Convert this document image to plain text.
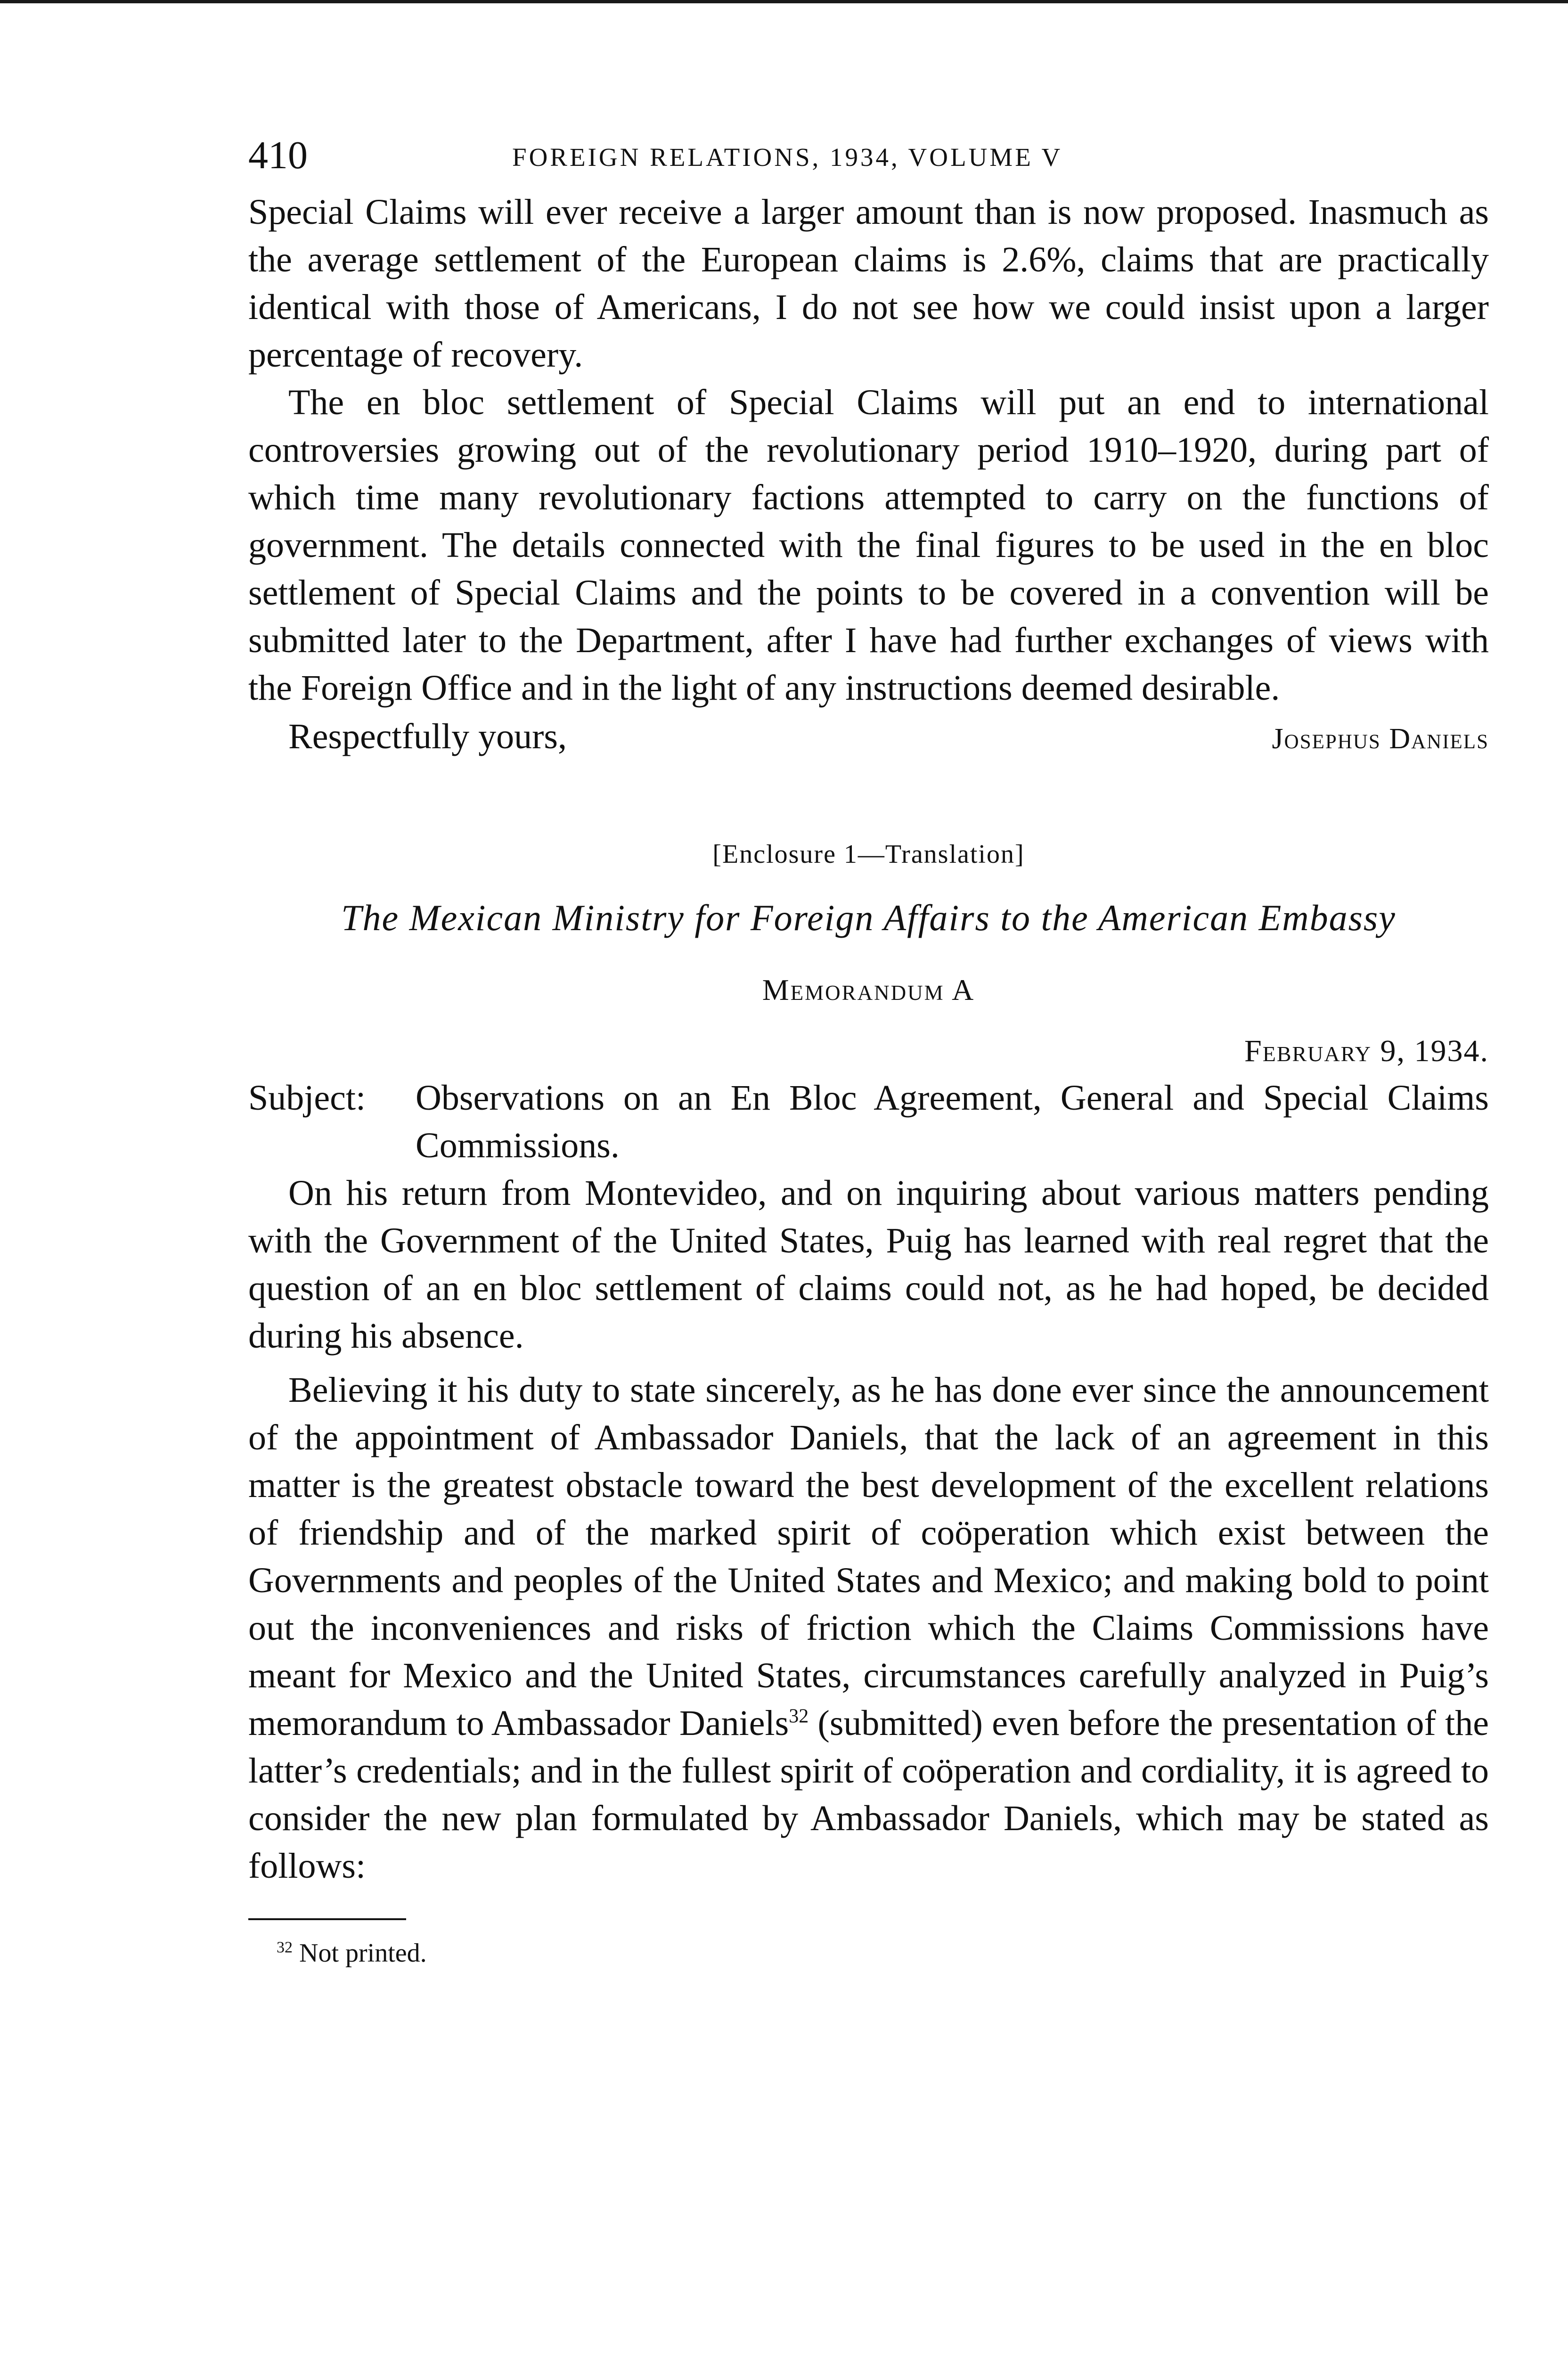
410	FOREIGN RELATIONS, 1934, VOLUME V

Special Claims will ever receive a larger amount than is now proposed. Inasmuch as the average settlement of the European claims is 2.6%, claims that are practically identical with those of Americans, I do not see how we could insist upon a larger percentage of recovery.

The en bloc settlement of Special Claims will put an end to international controversies growing out of the revolutionary period 1910–1920, during part of which time many revolutionary factions attempted to carry on the functions of government. The details connected with the final figures to be used in the en bloc settlement of Special Claims and the points to be covered in a convention will be submitted later to the Department, after I have had further exchanges of views with the Foreign Office and in the light of any instructions deemed desirable.

Respectfully yours,	Josephus Daniels
[Enclosure 1—Translation]
The Mexican Ministry for Foreign Affairs to the American Embassy
Memorandum A
February 9, 1934.
Subject:	Observations on an En Bloc Agreement, General and Special Claims Commissions.

On his return from Montevideo, and on inquiring about various matters pending with the Government of the United States, Puig has learned with real regret that the question of an en bloc settlement of claims could not, as he had hoped, be decided during his absence.

Believing it his duty to state sincerely, as he has done ever since the announcement of the appointment of Ambassador Daniels, that the lack of an agreement in this matter is the greatest obstacle toward the best development of the excellent relations of friendship and of the marked spirit of coöperation which exist between the Governments and peoples of the United States and Mexico; and making bold to point out the inconveniences and risks of friction which the Claims Commissions have meant for Mexico and the United States, circumstances carefully analyzed in Puig’s memorandum to Ambassador Daniels$^{32}$ (submitted) even before the presentation of the latter’s credentials; and in the fullest spirit of coöperation and cordiality, it is agreed to consider the new plan formulated by Ambassador Daniels, which may be stated as follows:

$^{32}$ Not printed.
